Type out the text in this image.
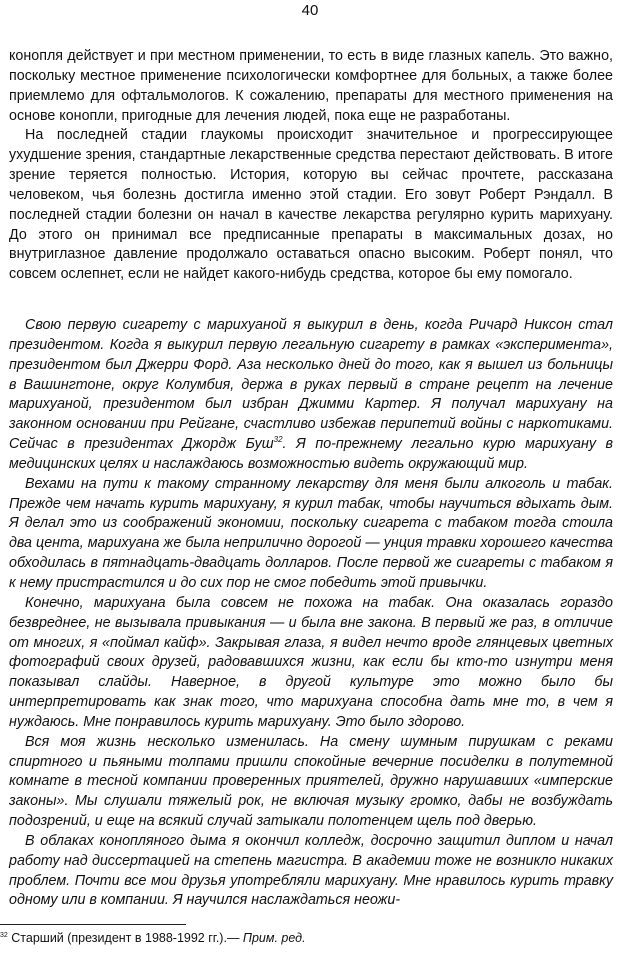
40

конопля действует и при местном применении, то есть в виде глазных капель. Это важно, поскольку местное применение психологически комфортнее для больных, а также более приемлемо для офтальмологов. К сожалению, препараты для местного применения на основе конопли, пригодные для лечения людей, пока еще не разработаны.

На последней стадии глаукомы происходит значительное и прогрессирующее ухудшение зрения, стандартные лекарственные средства перестают действовать. В итоге зрение теряется полностью. История, которую вы сейчас прочтете, рассказана человеком, чья болезнь достигла именно этой стадии. Его зовут Роберт Рэндалл. В последней стадии болезни он начал в качестве лекарства регулярно курить марихуану. До этого он принимал все предписанные препараты в максимальных дозах, но внутриглазное давление продолжало оставаться опасно высоким. Роберт понял, что совсем ослепнет, если не найдет какого-нибудь средства, которое бы ему помогало.

Свою первую сигарету с марихуаной я выкурил в день, когда Ричард Никсон стал президентом. Когда я выкурил первую легальную сигарету в рамках «эксперимента», президентом был Джерри Форд. Аза несколько дней до того, как я вышел из больницы в Вашингтоне, округ Колумбия, держа в руках первый в стране рецепт на лечение марихуаной, президентом был избран Джимми Картер. Я получал марихуану на законном основании при Рейгане, счастливо избежав перипетий войны с наркотиками. Сейчас в президентах Джордж Буш$^{32}$. Я по-прежнему легально курю марихуану в медицинских целях и наслаждаюсь возможностью видеть окружающий мир.

Вехами на пути к такому странному лекарству для меня были алкоголь и табак. Прежде чем начать курить марихуану, я курил табак, чтобы научиться вдыхать дым. Я делал это из соображений экономии, поскольку сигарета с табаком тогда стоила два цента, марихуана же была неприлично дорогой — унция травки хорошего качества обходилась в пятнадцать-двадцать долларов. После первой же сигареты с табаком я к нему пристрастился и до сих пор не смог победить этой привычки.

Конечно, марихуана была совсем не похожа на табак. Она оказалась гораздо безвреднее, не вызывала привыкания — и была вне закона. В первый же раз, в отличие от многих, я «поймал кайф». Закрывая глаза, я видел нечто вроде глянцевых цветных фотографий своих друзей, радовавшихся жизни, как если бы кто-то изнутри меня показывал слайды. Наверное, в другой культуре это можно было бы интерпретировать как знак того, что марихуана способна дать мне то, в чем я нуждаюсь. Мне понравилось курить марихуану. Это было здорово.

Вся моя жизнь несколько изменилась. На смену шумным пирушкам с реками спиртного и пьяными толпами пришли спокойные вечерние посиделки в полутемной комнате в тесной компании проверенных приятелей, дружно нарушавших «имперские законы». Мы слушали тяжелый рок, не включая музыку громко, дабы не возбуждать подозрений, и еще на всякий случай затыкали полотенцем щель под дверью.

В облаках конопляного дыма я окончил колледж, досрочно защитил диплом и начал работу над диссертацией на степень магистра. В академии тоже не возникло никаких проблем. Почти все мои друзья употребляли марихуану. Мне нравилось курить травку одному или в компании. Я научился наслаждаться неожи-

$^{32}$ Старший (президент в 1988-1992 гг.).— Прим. ред.
